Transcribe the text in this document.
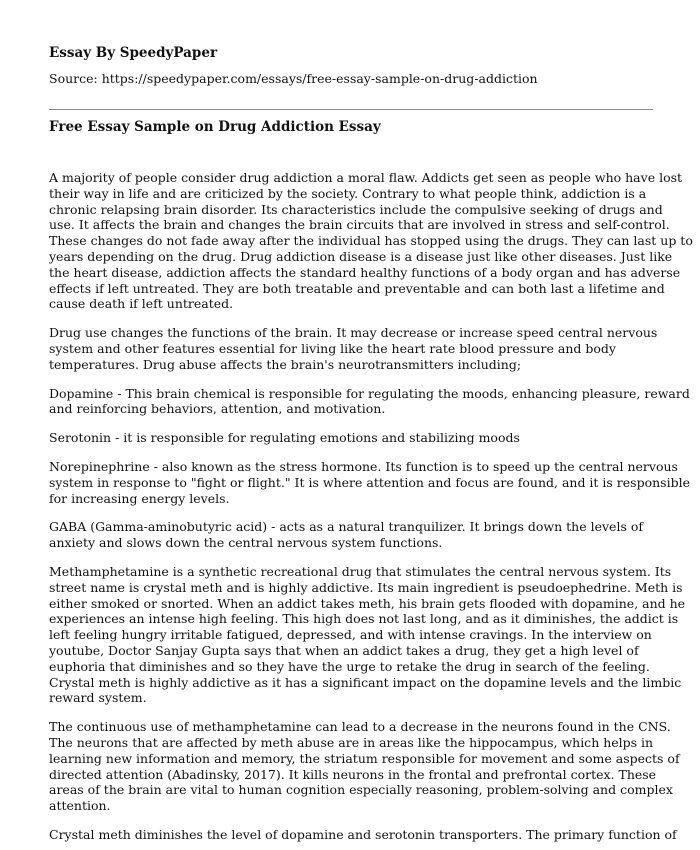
Essay By SpeedyPaper
Source: https://speedypaper.com/essays/free-essay-sample-on-drug-addiction
Free Essay Sample on Drug Addiction Essay
A majority of people consider drug addiction a moral flaw. Addicts get seen as people who have lost
their way in life and are criticized by the society. Contrary to what people think, addiction is a
chronic relapsing brain disorder. Its characteristics include the compulsive seeking of drugs and
use. It affects the brain and changes the brain circuits that are involved in stress and self-control.
These changes do not fade away after the individual has stopped using the drugs. They can last up to
years depending on the drug. Drug addiction disease is a disease just like other diseases. Just like
the heart disease, addiction affects the standard healthy functions of a body organ and has adverse
effects if left untreated. They are both treatable and preventable and can both last a lifetime and
cause death if left untreated.
Drug use changes the functions of the brain. It may decrease or increase speed central nervous
system and other features essential for living like the heart rate blood pressure and body
temperatures. Drug abuse affects the brain's neurotransmitters including;
Dopamine - This brain chemical is responsible for regulating the moods, enhancing pleasure, reward
and reinforcing behaviors, attention, and motivation.
Serotonin - it is responsible for regulating emotions and stabilizing moods
Norepinephrine - also known as the stress hormone. Its function is to speed up the central nervous
system in response to "fight or flight." It is where attention and focus are found, and it is responsible
for increasing energy levels.
GABA (Gamma-aminobutyric acid) - acts as a natural tranquilizer. It brings down the levels of
anxiety and slows down the central nervous system functions.
Methamphetamine is a synthetic recreational drug that stimulates the central nervous system. Its
street name is crystal meth and is highly addictive. Its main ingredient is pseudoephedrine. Meth is
either smoked or snorted. When an addict takes meth, his brain gets flooded with dopamine, and he
experiences an intense high feeling. This high does not last long, and as it diminishes, the addict is
left feeling hungry irritable fatigued, depressed, and with intense cravings. In the interview on
youtube, Doctor Sanjay Gupta says that when an addict takes a drug, they get a high level of
euphoria that diminishes and so they have the urge to retake the drug in search of the feeling.
Crystal meth is highly addictive as it has a significant impact on the dopamine levels and the limbic
reward system.
The continuous use of methamphetamine can lead to a decrease in the neurons found in the CNS.
The neurons that are affected by meth abuse are in areas like the hippocampus, which helps in
learning new information and memory, the striatum responsible for movement and some aspects of
directed attention (Abadinsky, 2017). It kills neurons in the frontal and prefrontal cortex. These
areas of the brain are vital to human cognition especially reasoning, problem-solving and complex
attention.
Crystal meth diminishes the level of dopamine and serotonin transporters. The primary function of
